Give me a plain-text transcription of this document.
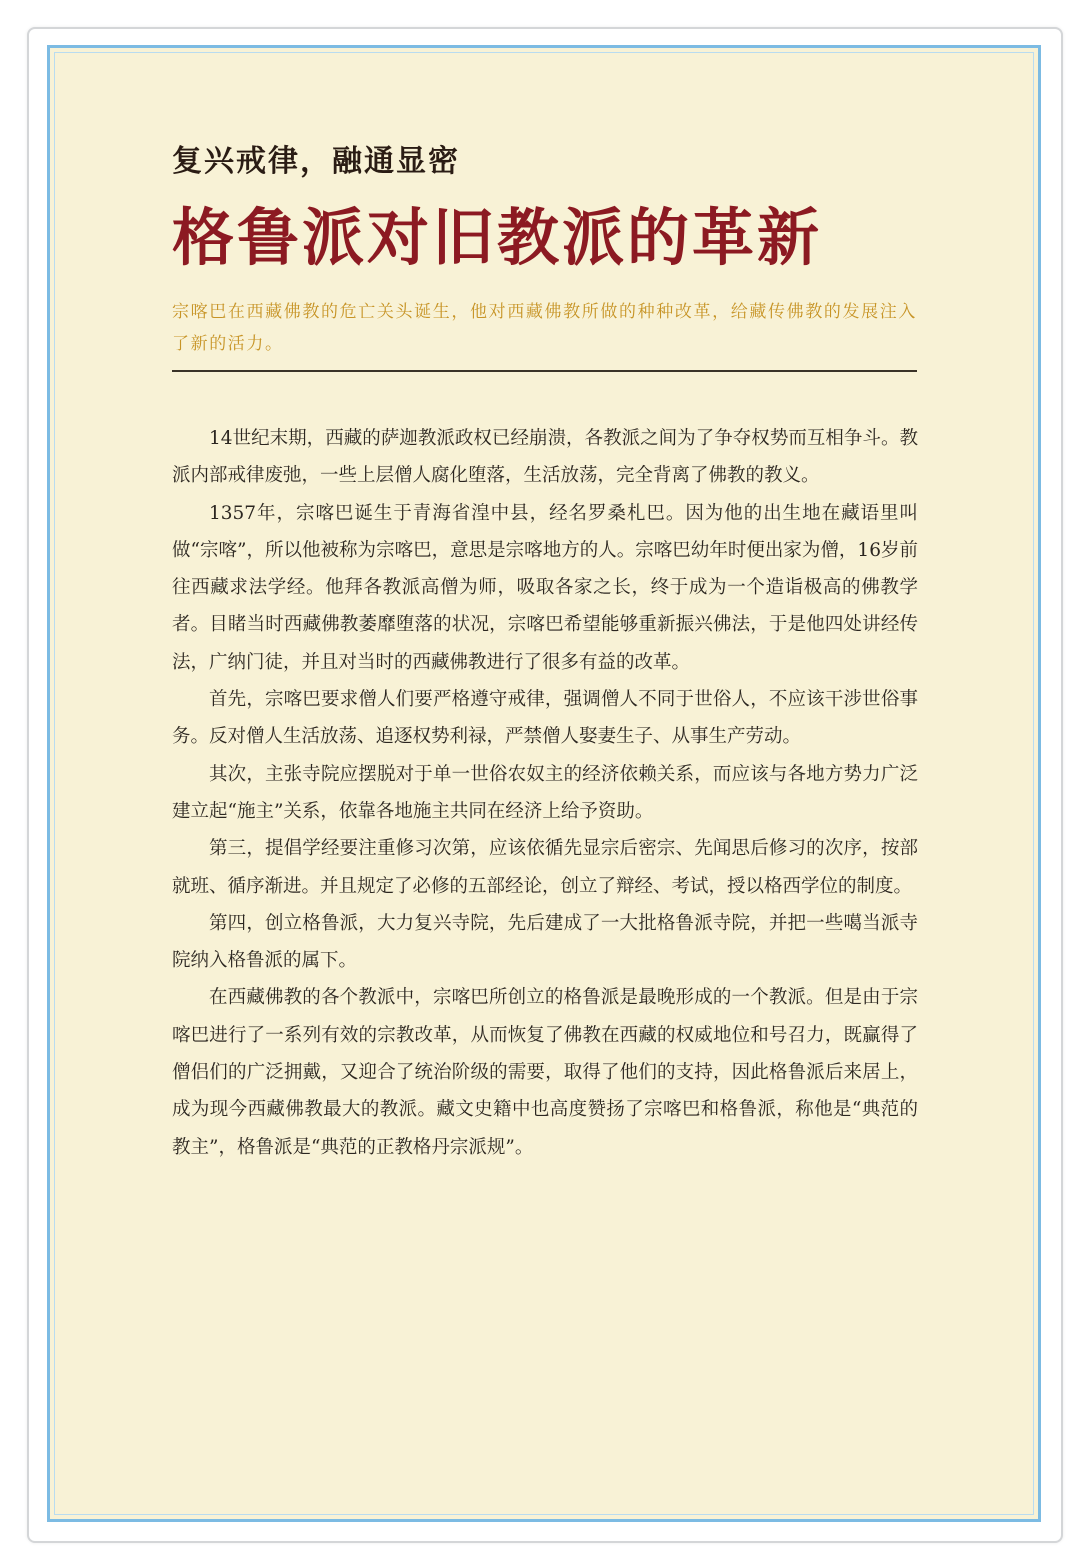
复兴戒律，融通显密
格鲁派对旧教派的革新

宗喀巴在西藏佛教的危亡关头诞生，他对西藏佛教所做的种种改革，给藏传佛教的发展注入了新的活力。

14世纪末期，西藏的萨迦教派政权已经崩溃，各教派之间为了争夺权势而互相争斗。教派内部戒律废弛，一些上层僧人腐化堕落，生活放荡，完全背离了佛教的教义。

1357年，宗喀巴诞生于青海省湟中县，经名罗桑札巴。因为他的出生地在藏语里叫做“宗喀”，所以他被称为宗喀巴，意思是宗喀地方的人。宗喀巴幼年时便出家为僧，16岁前往西藏求法学经。他拜各教派高僧为师，吸取各家之长，终于成为一个造诣极高的佛教学者。目睹当时西藏佛教萎靡堕落的状况，宗喀巴希望能够重新振兴佛法，于是他四处讲经传法，广纳门徒，并且对当时的西藏佛教进行了很多有益的改革。

首先，宗喀巴要求僧人们要严格遵守戒律，强调僧人不同于世俗人，不应该干涉世俗事务。反对僧人生活放荡、追逐权势利禄，严禁僧人娶妻生子、从事生产劳动。

其次，主张寺院应摆脱对于单一世俗农奴主的经济依赖关系，而应该与各地方势力广泛建立起“施主”关系，依靠各地施主共同在经济上给予资助。

第三，提倡学经要注重修习次第，应该依循先显宗后密宗、先闻思后修习的次序，按部就班、循序渐进。并且规定了必修的五部经论，创立了辩经、考试，授以格西学位的制度。

第四，创立格鲁派，大力复兴寺院，先后建成了一大批格鲁派寺院，并把一些噶当派寺院纳入格鲁派的属下。

在西藏佛教的各个教派中，宗喀巴所创立的格鲁派是最晚形成的一个教派。但是由于宗喀巴进行了一系列有效的宗教改革，从而恢复了佛教在西藏的权威地位和号召力，既赢得了僧侣们的广泛拥戴，又迎合了统治阶级的需要，取得了他们的支持，因此格鲁派后来居上，成为现今西藏佛教最大的教派。藏文史籍中也高度赞扬了宗喀巴和格鲁派，称他是“典范的教主”，格鲁派是“典范的正教格丹宗派规”。
